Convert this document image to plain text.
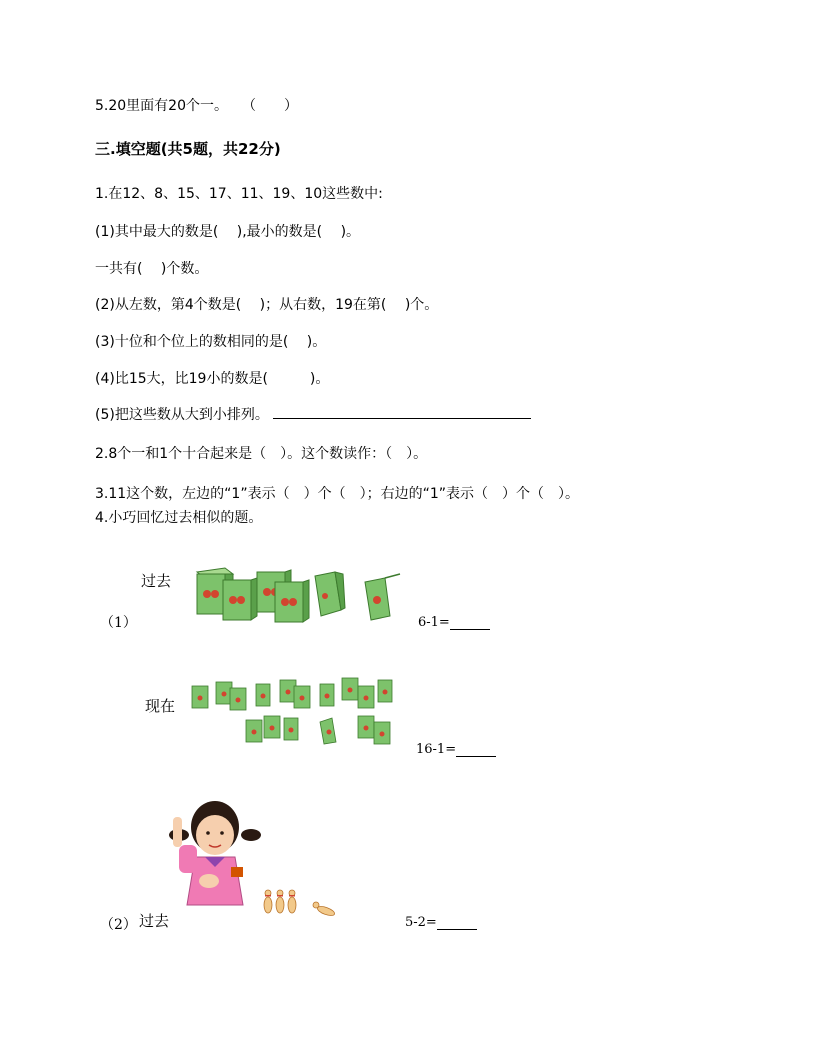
5.20里面有20个一。　　（　　）
三.填空题(共5题，共22分)
1.在12、8、15、17、11、19、10这些数中:
(1)其中最大的数是(　 ),最小的数是(　 )。
一共有(　 )个数。
(2)从左数，第4个数是(　 )；从右数，19在第(　 )个。
(3)十位和个位上的数相同的是(　 )。
(4)比15大，比19小的数是(　　　)。
(5)把这些数从大到小排列。
2.8个一和1个十合起来是（　）。这个数读作：（　）。
3.11这个数，左边的“1”表示（　）个（　）；右边的“1”表示（　）个（　）。
4.小巧回忆过去相似的题。
过去
（1）	6-1=
现在
16-1=
（2） 过去	5-2=
